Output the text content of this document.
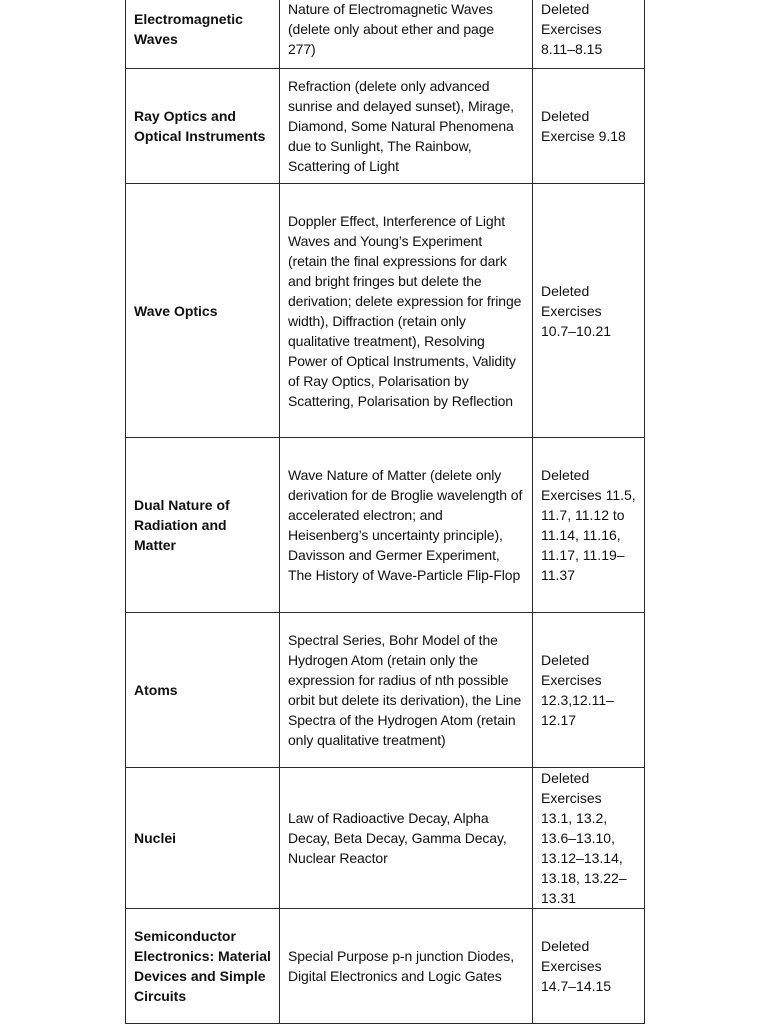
Electromagnetic Waves	Nature of Electromagnetic Waves (delete only about ether and page 277)	Deleted Exercises 8.11–8.15
Ray Optics and Optical Instruments	Refraction (delete only advanced sunrise and delayed sunset), Mirage, Diamond, Some Natural Phenomena due to Sunlight, The Rainbow, Scattering of Light	Deleted Exercise 9.18
Wave Optics	Doppler Effect, Interference of Light Waves and Young’s Experiment (retain the final expressions for dark and bright fringes but delete the derivation; delete expression for fringe width), Diffraction (retain only qualitative treatment), Resolving Power of Optical Instruments, Validity of Ray Optics, Polarisation by Scattering, Polarisation by Reflection	Deleted Exercises 10.7–10.21
Dual Nature of Radiation and Matter	Wave Nature of Matter (delete only derivation for de Broglie wavelength of accelerated electron; and Heisenberg’s uncertainty principle), Davisson and Germer Experiment, The History of Wave-Particle Flip-Flop	Deleted Exercises 11.5, 11.7, 11.12 to 11.14, 11.16, 11.17, 11.19–11.37
Atoms	Spectral Series, Bohr Model of the Hydrogen Atom (retain only the expression for radius of nth possible orbit but delete its derivation), the Line Spectra of the Hydrogen Atom (retain only qualitative treatment)	Deleted Exercises 12.3,12.11–12.17
Nuclei	Law of Radioactive Decay, Alpha Decay, Beta Decay, Gamma Decay, Nuclear Reactor	Deleted Exercises 13.1, 13.2, 13.6–13.10, 13.12–13.14, 13.18, 13.22–13.31
Semiconductor Electronics: Material Devices and Simple Circuits	Special Purpose p-n junction Diodes, Digital Electronics and Logic Gates	Deleted Exercises 14.7–14.15
